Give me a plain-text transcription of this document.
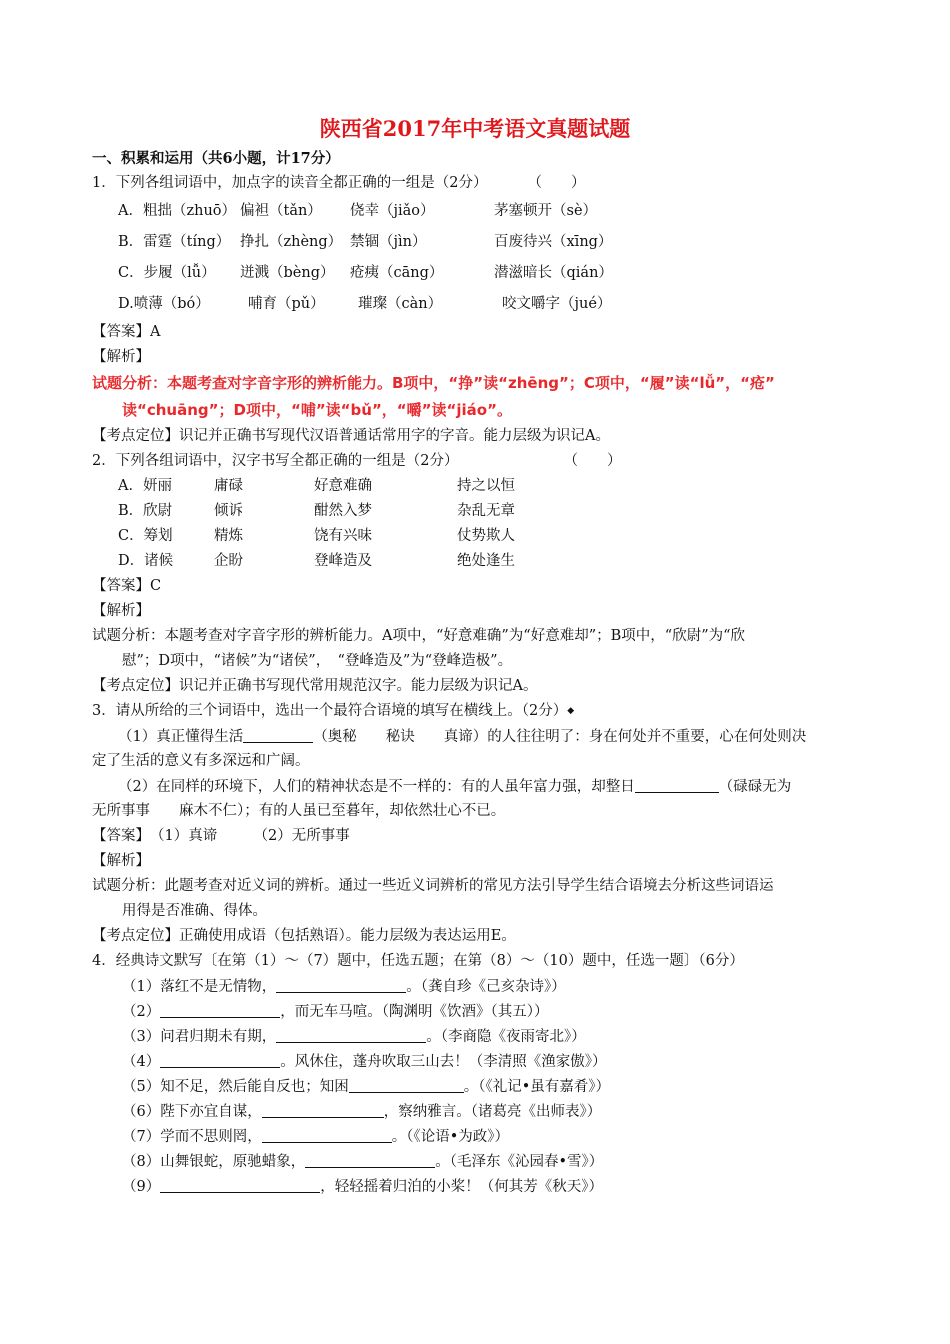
陕西省2017年中考语文真题试题
一、积累和运用（共6小题，计17分）
1．下列各组词语中，加点字的读音全都正确的一组是（2分）	（　　）
A．粗拙（zhuō） 偏袒（tǎn）	侥幸（jiǎo）	茅塞顿开（sè）
B．雷霆（tíng） 挣扎（zhèng） 禁锢（jìn）	百废待兴（xīng）
C．步履（lǚ）	迸溅（bèng）	疮痍（cāng）	潜滋暗长（qián）
D.喷薄（bó）	哺育（pǔ）	璀璨（càn）	咬文嚼字（jué）
【答案】A
【解析】
试题分析：本题考查对字音字形的辨析能力。B项中，“挣”读“zhēng”；C项中，“履”读“lǚ”，“疮”
读“chuāng”；D项中，“哺”读“bǔ”，“嚼”读“jiáo”。
【考点定位】识记并正确书写现代汉语普通话常用字的字音。能力层级为识记A。
2．下列各组词语中，汉字书写全都正确的一组是（2分）	（　　）
A．妍丽	庸碌	好意难确	持之以恒
B．欣尉	倾诉	酣然入梦	杂乱无章
C．筹划	精炼	饶有兴味	仗势欺人
D．诸候	企盼	登峰造及	绝处逢生
【答案】C
【解析】
试题分析：本题考查对字音字形的辨析能力。A项中，“好意难确”为“好意难却”；B项中，“欣尉”为“欣
慰”；D项中，“诸候”为“诸侯”，　“登峰造及”为“登峰造极”。
【考点定位】识记并正确书写现代常用规范汉字。能力层级为识记A。
3．请从所给的三个词语中，选出一个最符合语境的填写在横线上。（2分）◆
（1）真正懂得生活	（奥秘　　秘诀　　真谛）的人往往明了：身在何处并不重要，心在何处则决
定了生活的意义有多深远和广阔。
（2）在同样的环境下，人们的精神状态是不一样的：有的人虽年富力强，却整日	（碌碌无为
无所事事　　麻木不仁）；有的人虽已至暮年，却依然壮心不已。
【答案】　（1）真谛　　　（2）无所事事
【解析】
试题分析：此题考查对近义词的辨析。通过一些近义词辨析的常见方法引导学生结合语境去分析这些词语运
用得是否准确、得体。
【考点定位】正确使用成语（包括熟语）。能力层级为表达运用E。
4．经典诗文默写〔在第（1）～（7）题中，任选五题；在第（8）～（10）题中，任选一题〕（6分）
（1）落红不是无情物，	。（龚自珍《己亥杂诗》）
（2）	，而无车马喧。（陶渊明《饮酒》（其五））
（3）问君归期未有期，	。（李商隐《夜雨寄北》）
（4）	。风休住，蓬舟吹取三山去！（李清照《渔家傲》）
（5）知不足，然后能自反也；知困	。（《礼记•虽有嘉肴》）
（6）陛下亦宜自谋，	，察纳雅言。（诸葛亮《出师表》）
（7）学而不思则罔，	。（《论语•为政》）
（8）山舞银蛇，原驰蜡象，	。（毛泽东《沁园春•雪》）
（9）	，轻轻摇着归泊的小桨！（何其芳《秋天》）
